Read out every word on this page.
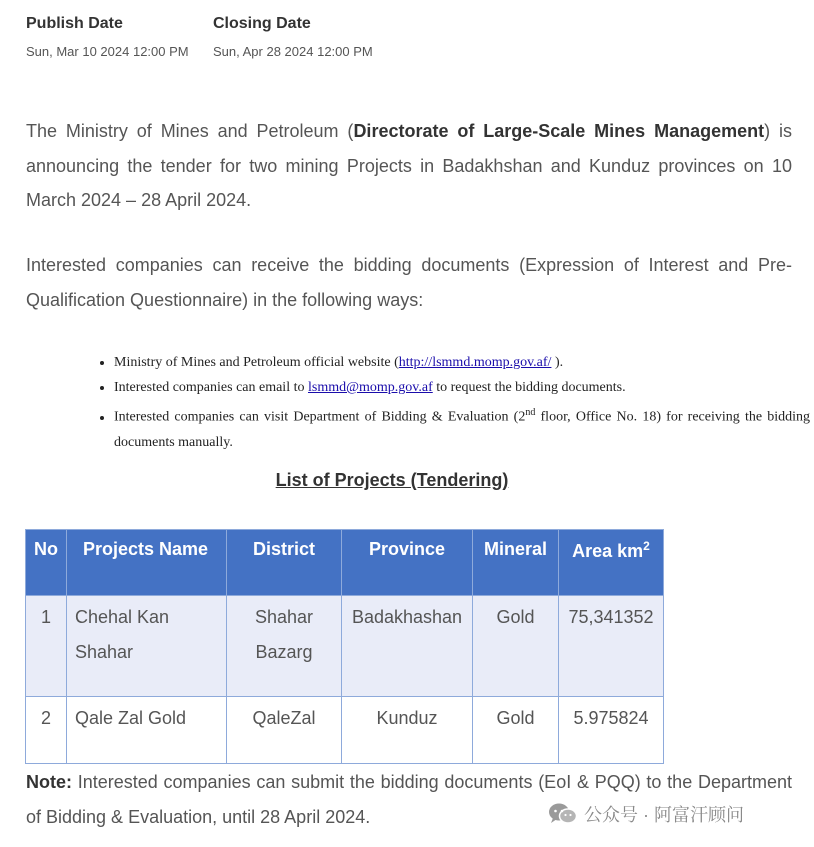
Publish Date
Sun, Mar 10 2024 12:00 PM
Closing Date
Sun, Apr 28 2024 12:00 PM

The Ministry of Mines and Petroleum (Directorate of Large-Scale Mines Management) is announcing the tender for two mining Projects in Badakhshan and Kunduz provinces on 10 March 2024 – 28 April 2024.

Interested companies can receive the bidding documents (Expression of Interest and Pre-Qualification Questionnaire) in the following ways:

• Ministry of Mines and Petroleum official website (http://lsmmd.momp.gov.af/ ).
• Interested companies can email to lsmmd@momp.gov.af to request the bidding documents.
• Interested companies can visit Department of Bidding & Evaluation (2nd floor, Office No. 18) for receiving the bidding documents manually.
List of Projects (Tendering)
No	Projects Name	District	Province	Mineral	Area $km^2$
1	Chehal Kan Shahar	Shahar Bazarg	Badakhashan	Gold	75,341352
2	Qale Zal Gold	QaleZal	Kunduz	Gold	5.975824

Note: Interested companies can submit the bidding documents (EoI & PQQ) to the Department of Bidding & Evaluation, until 28 April 2024.	公众号 · 阿富汗顾问
